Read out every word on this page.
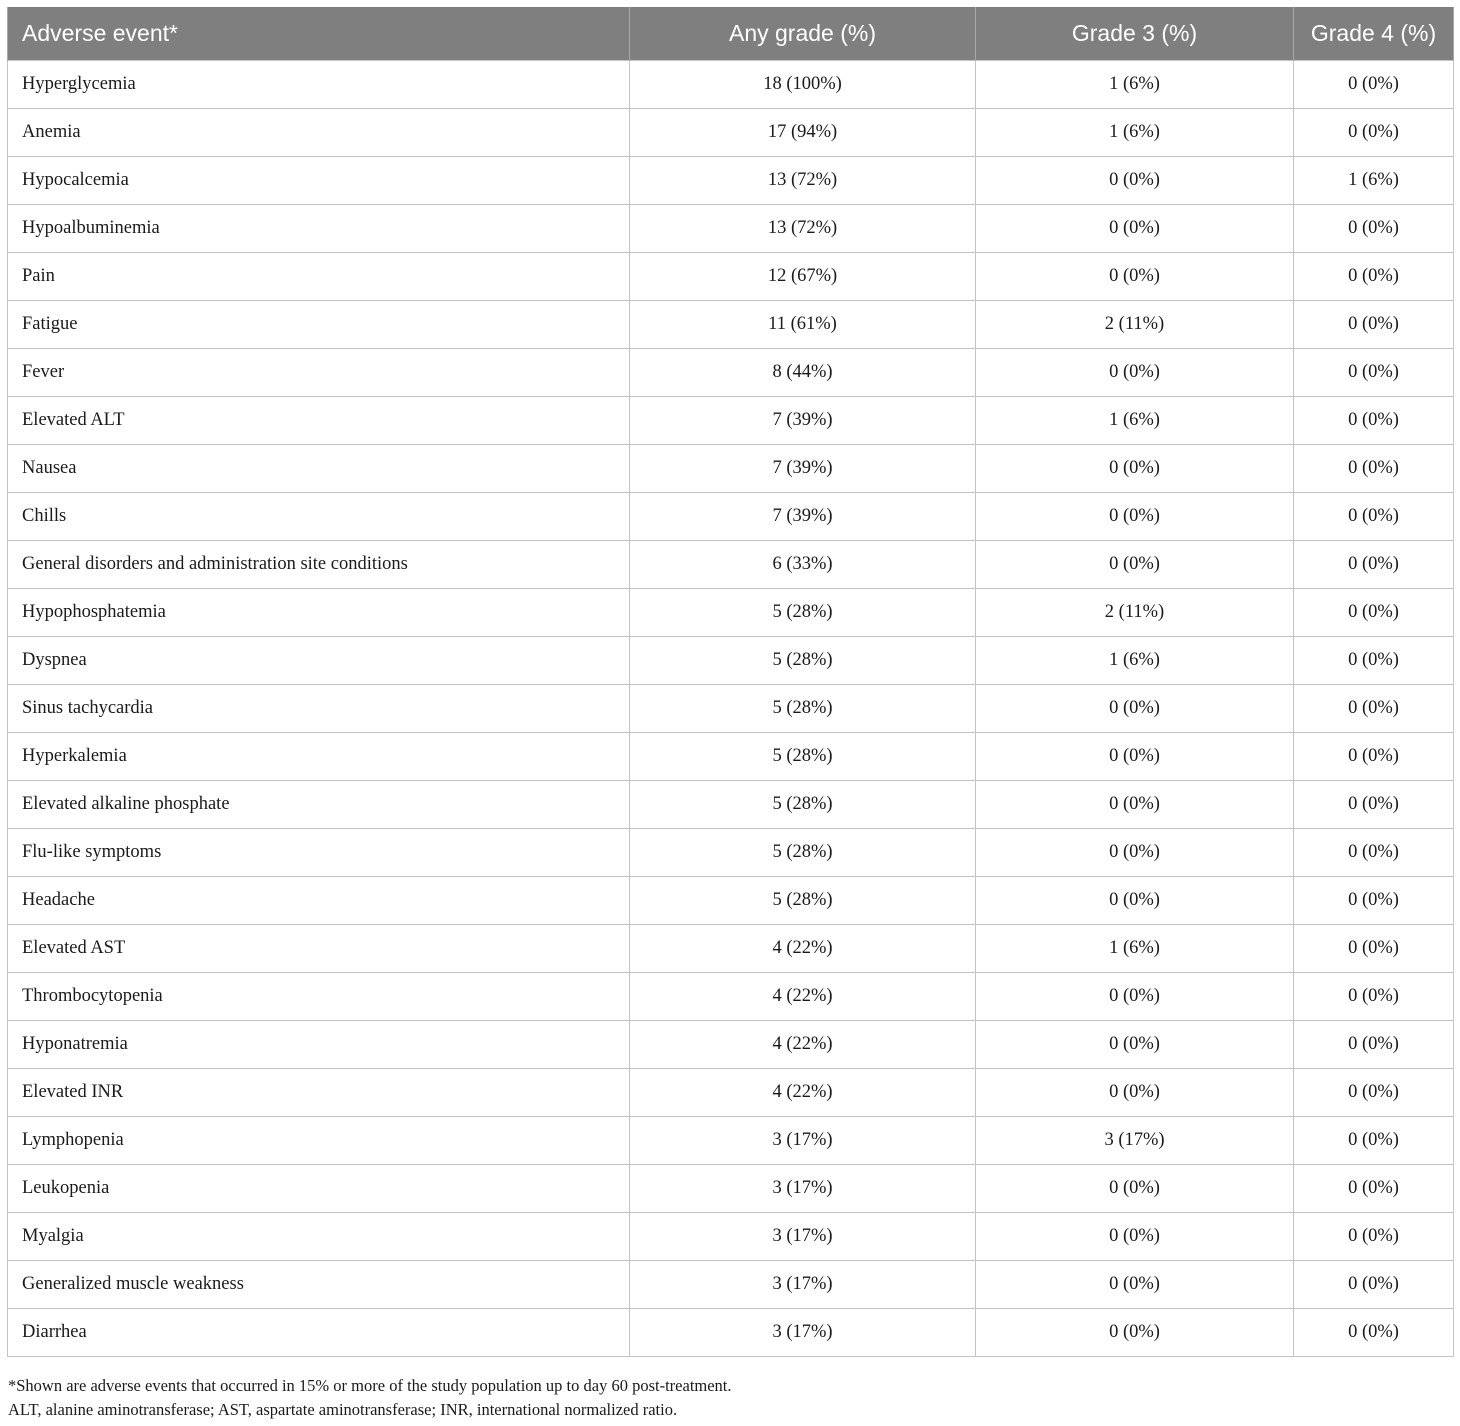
Adverse event*	Any grade (%)	Grade 3 (%)	Grade 4 (%)
Hyperglycemia	18 (100%)	1 (6%)	0 (0%)
Anemia	17 (94%)	1 (6%)	0 (0%)
Hypocalcemia	13 (72%)	0 (0%)	1 (6%)
Hypoalbuminemia	13 (72%)	0 (0%)	0 (0%)
Pain	12 (67%)	0 (0%)	0 (0%)
Fatigue	11 (61%)	2 (11%)	0 (0%)
Fever	8 (44%)	0 (0%)	0 (0%)
Elevated ALT	7 (39%)	1 (6%)	0 (0%)
Nausea	7 (39%)	0 (0%)	0 (0%)
Chills	7 (39%)	0 (0%)	0 (0%)
General disorders and administration site conditions	6 (33%)	0 (0%)	0 (0%)
Hypophosphatemia	5 (28%)	2 (11%)	0 (0%)
Dyspnea	5 (28%)	1 (6%)	0 (0%)
Sinus tachycardia	5 (28%)	0 (0%)	0 (0%)
Hyperkalemia	5 (28%)	0 (0%)	0 (0%)
Elevated alkaline phosphate	5 (28%)	0 (0%)	0 (0%)
Flu-like symptoms	5 (28%)	0 (0%)	0 (0%)
Headache	5 (28%)	0 (0%)	0 (0%)
Elevated AST	4 (22%)	1 (6%)	0 (0%)
Thrombocytopenia	4 (22%)	0 (0%)	0 (0%)
Hyponatremia	4 (22%)	0 (0%)	0 (0%)
Elevated INR	4 (22%)	0 (0%)	0 (0%)
Lymphopenia	3 (17%)	3 (17%)	0 (0%)
Leukopenia	3 (17%)	0 (0%)	0 (0%)
Myalgia	3 (17%)	0 (0%)	0 (0%)
Generalized muscle weakness	3 (17%)	0 (0%)	0 (0%)
Diarrhea	3 (17%)	0 (0%)	0 (0%)
*Shown are adverse events that occurred in 15% or more of the study population up to day 60 post-treatment.
ALT, alanine aminotransferase; AST, aspartate aminotransferase; INR, international normalized ratio.
